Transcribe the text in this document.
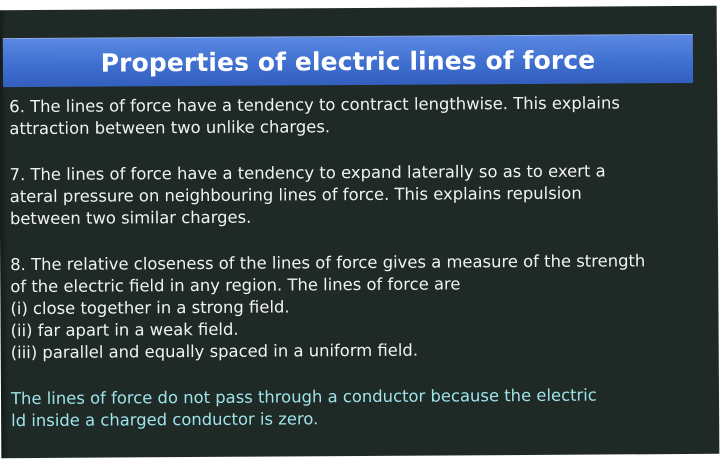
Properties of electric lines of force

6. The lines of force have a tendency to contract lengthwise. This explains
attraction between two unlike charges.

7. The lines of force have a tendency to expand laterally so as to exert a
ateral pressure on neighbouring lines of force. This explains repulsion
between two similar charges.

8. The relative closeness of the lines of force gives a measure of the strength
of the electric field in any region. The lines of force are
(i) close together in a strong field.
(ii) far apart in a weak field.
(iii) parallel and equally spaced in a uniform field.

The lines of force do not pass through a conductor because the electric
ld inside a charged conductor is zero.
